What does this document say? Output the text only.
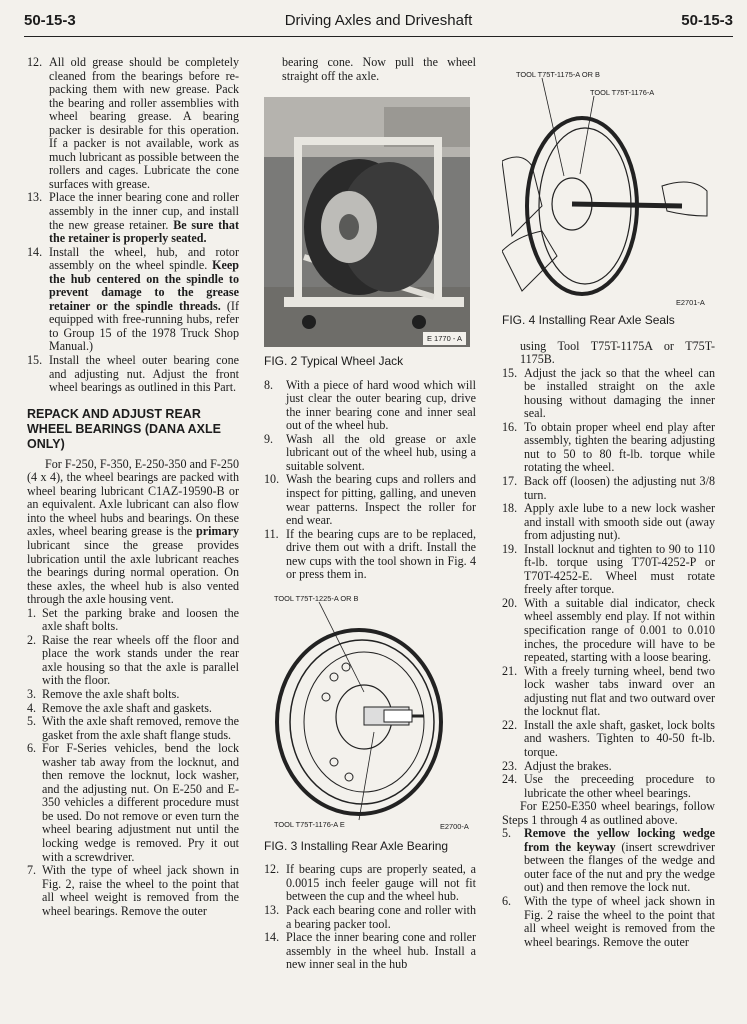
50-15-3	Driving Axles and Driveshaft	50-15-3
12. All old grease should be completely cleaned from the bearings before re-packing them with new grease. Pack the bearing and roller assemblies with wheel bearing grease. A bearing packer is desirable for this operation. If a packer is not available, work as much lubricant as possible between the rollers and cages. Lubricate the cone surfaces with grease.
13. Place the inner bearing cone and roller assembly in the inner cup, and install the new grease retainer. Be sure that the retainer is properly seated.
14. Install the wheel, hub, and rotor assembly on the wheel spindle. Keep the hub centered on the spindle to prevent damage to the grease retainer or the spindle threads. (If equipped with free-running hubs, refer to Group 15 of the 1978 Truck Shop Manual.)
15. Install the wheel outer bearing cone and adjusting nut. Adjust the front wheel bearings as outlined in this Part.
REPACK AND ADJUST REAR WHEEL BEARINGS (DANA AXLE ONLY)

For F-250, F-350, E-250-350 and F-250 (4 x 4), the wheel bearings are packed with wheel bearing lubricant C1AZ-19590-B or an equivalent. Axle lubricant can also flow into the wheel hubs and bearings. On these axles, wheel bearing grease is the primary lubricant since the grease provides lubrication until the axle lubricant reaches the bearings during normal operation. On these axles, the wheel hub is also vented through the axle housing vent.

1. Set the parking brake and loosen the axle shaft bolts.
2. Raise the rear wheels off the floor and place the work stands under the rear axle housing so that the axle is parallel with the floor.
3. Remove the axle shaft bolts.
4. Remove the axle shaft and gaskets.
5. With the axle shaft removed, remove the gasket from the axle shaft flange studs.
6. For F-Series vehicles, bend the lock washer tab away from the locknut, and then remove the locknut, lock washer, and the adjusting nut. On E-250 and E-350 vehicles a different procedure must be used. Do not remove or even turn the wheel bearing adjustment nut until the locking wedge is removed. Pry it out with a screwdriver.
7. With the type of wheel jack shown in Fig. 2, raise the wheel to the point that all wheel weight is removed from the wheel bearings. Remove the outer

bearing cone. Now pull the wheel straight off the axle.

E 1770 - A
FIG. 2 Typical Wheel Jack
8.	With a piece of hard wood which will just clear the outer bearing cup, drive the inner bearing cone and inner seal out of the wheel hub.
9.	Wash all the old grease or axle lubricant out of the wheel hub, using a suitable solvent.
10. Wash the bearing cups and rollers and inspect for pitting, galling, and uneven wear patterns. Inspect the roller for end wear.
11. If the bearing cups are to be replaced, drive them out with a drift. Install the new cups with the tool shown in Fig. 4 or press them in.
TOOL T75T-1225-A OR B
TOOL T75T-1176-A E	E2700-A
FIG. 3 Installing Rear Axle Bearing
12. If bearing cups are properly seated, a 0.0015 inch feeler gauge will not fit between the cup and the wheel hub.
13. Pack each bearing cone and roller with a bearing packer tool.
14. Place the inner bearing cone and roller assembly in the wheel hub. Install a new inner seal in the hub
TOOL T75T-1175-A OR B
TOOL T75T-1176-A
E2701-A
FIG. 4 Installing Rear Axle Seals

using Tool T75T-1175A or T75T-1175B.

15. Adjust the jack so that the wheel can be installed straight on the axle housing without damaging the inner seal.
16. To obtain proper wheel end play after assembly, tighten the bearing adjusting nut to 50 to 80 ft-lb. torque while rotating the wheel.
17. Back off (loosen) the adjusting nut 3/8 turn.
18. Apply axle lube to a new lock washer and install with smooth side out (away from adjusting nut).
19. Install locknut and tighten to 90 to 110 ft-lb. torque using T70T-4252-P or T70T-4252-E. Wheel must rotate freely after torque.
20. With a suitable dial indicator, check wheel assembly end play. If not within specification range of 0.001 to 0.010 inches, the procedure will have to be repeated, starting with a loose bearing.
21. With a freely turning wheel, bend two lock washer tabs inward over an adjusting nut flat and two outward over the locknut flat.
22. Install the axle shaft, gasket, lock bolts and washers. Tighten to 40-50 ft-lb. torque.
23. Adjust the brakes.
24. Use the preceeding procedure to lubricate the other wheel bearings.

For E250-E350 wheel bearings, follow Steps 1 through 4 as outlined above.

5.	Remove the yellow locking wedge from the keyway (insert screwdriver between the flanges of the wedge and outer face of the nut and pry the wedge out) and then remove the lock nut.
6.	With the type of wheel jack shown in Fig. 2 raise the wheel to the point that all wheel weight is removed from the wheel bearings. Remove the outer
